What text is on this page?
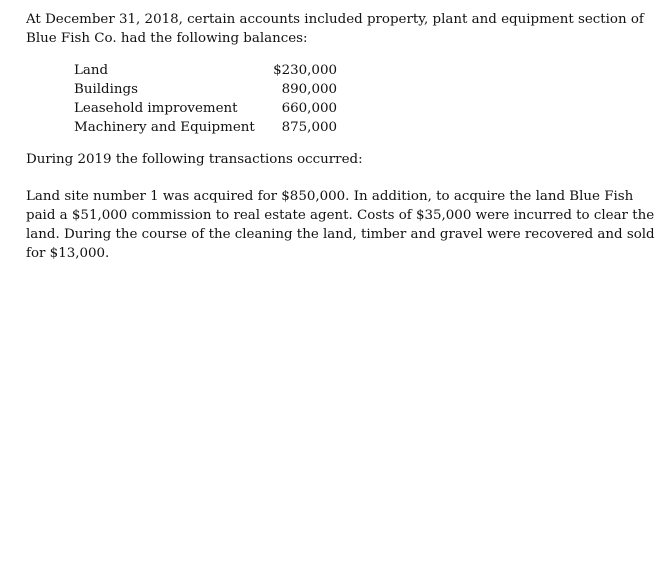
At December 31, 2018, certain accounts included property, plant and equipment section of Blue Fish Co. had the following balances:

Land	$230,000
Buildings	890,000
Leasehold improvement	660,000
Machinery and Equipment	875,000

During 2019 the following transactions occurred:

Land site number 1 was acquired for $850,000. In addition, to acquire the land Blue Fish paid a $51,000 commission to real estate agent. Costs of $35,000 were incurred to clear the land. During the course of the cleaning the land, timber and gravel were recovered and sold for $13,000.
